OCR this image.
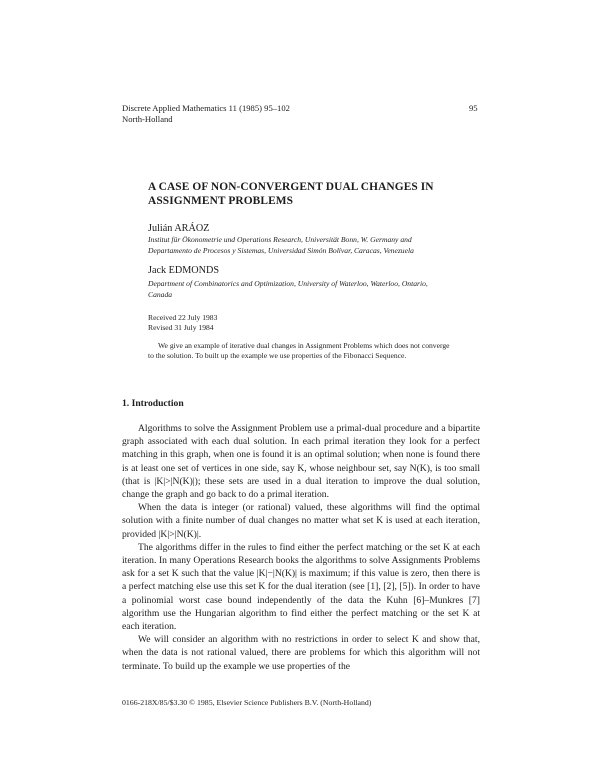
Discrete Applied Mathematics 11 (1985) 95–102
North-Holland
95
A CASE OF NON-CONVERGENT DUAL CHANGES IN
ASSIGNMENT PROBLEMS
Julián ARÁOZ
Institut für Ökonometrie und Operations Research, Universität Bonn, W. Germany and
Departamento de Procesos y Sistemas, Universidad Simón Bolívar, Caracas, Venezuela
Jack EDMONDS
Department of Combinatorics and Optimization, University of Waterloo, Waterloo, Ontario,
Canada
Received 22 July 1983
Revised 31 July 1984
We give an example of iterative dual changes in Assignment Problems which does not converge
to the solution. To built up the example we use properties of the Fibonacci Sequence.
1. Introduction

Algorithms to solve the Assignment Problem use a primal-dual procedure and a bipartite graph associated with each dual solution. In each primal iteration they look for a perfect matching in this graph, when one is found it is an optimal solution; when none is found there is at least one set of vertices in one side, say K, whose neighbour set, say N(K), is too small (that is |K|>|N(K)|); these sets are used in a dual iteration to improve the dual solution, change the graph and go back to do a primal iteration.

When the data is integer (or rational) valued, these algorithms will find the optimal solution with a finite number of dual changes no matter what set K is used at each iteration, provided |K|>|N(K)|.

The algorithms differ in the rules to find either the perfect matching or the set K at each iteration. In many Operations Research books the algorithms to solve Assignments Problems ask for a set K such that the value |K|−|N(K)| is maximum; if this value is zero, then there is a perfect matching else use this set K for the dual iteration (see [1], [2], [5]). In order to have a polinomial worst case bound independently of the data the Kuhn [6]–Munkres [7] algorithm use the Hungarian algorithm to find either the perfect matching or the set K at each iteration.

We will consider an algorithm with no restrictions in order to select K and show that, when the data is not rational valued, there are problems for which this algorithm will not terminate. To build up the example we use properties of the

0166-218X/85/$3.30 © 1985, Elsevier Science Publishers B.V. (North-Holland)
